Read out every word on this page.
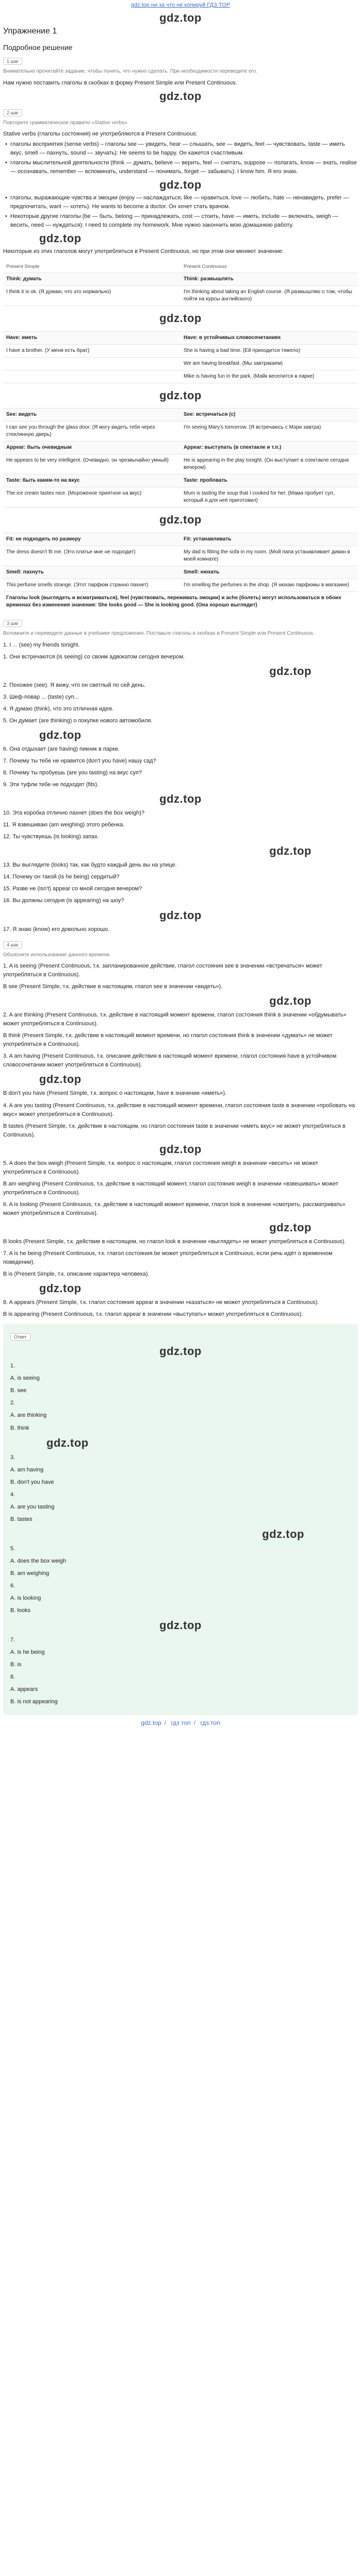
gdz.top ни за что не копируй ГДЗ.TOP
gdz.top
Упражнение 1
Подробное решение
1 шаг
Внимательно прочитайте задание, чтобы понять, что нужно сделать. При необходимости переведите его.

Нам нужно поставить глаголы в скобках в форму Present Simple или Present Continuous.

gdz.top
2 шаг
Повторите грамматическое правило «Stative verbs»

Stative verbs (глаголы состояния) не употребляются в Present Continuous:

• глаголы восприятия (sense verbs) – глаголы see — увидеть, hear — слышать, see — видеть, feel — чувствовать, taste — иметь вкус, smell — пахнуть, sound — звучать): He seems to be happy. Он кажется счастливым.

• глаголы мыслительной деятельности (think — думать, believe — верить, feel — считать, suppose — полагать, know — знать, realise — осознавать, remember — вспоминать, understand — понимать, forget — забывать): I know him. Я его знаю.

gdz.top

• глаголы, выражающие чувства и эмоции (enjoy — наслаждаться, like — нравиться, love — любить, hate — ненавидеть, prefer — предпочитать, want — хотеть): He wants to become a doctor. Он хочет стать врачом.

• Некоторые другие глаголы (be — быть, belong — принадлежать, cost — стоить, have — иметь, include — включать, weigh — весить, need — нуждаться): I need to complete my homework. Мне нужно закончить мою домашнюю работу.

gdz.top

Некоторые из этих глаголов могут употребляться в Present Continuous, но при этом они меняют значение:

Present Simple	Present Continuous
Think: думать	Think: размышлять
I think it is ok. (Я думаю, что это нормально)	I'm thinking about taking an English course. (Я размышляю о том, чтобы пойти на курсы английского)

gdz.top	

Have: иметь	Have: в устойчивых словосочетаниях
I have a brother. (У меня есть брат)	She is having a bad time. (Ей приходится тяжело)
	We are having breakfast. (Мы завтракаем)
	Mike is having fun in the park. (Майк веселится в парке)

gdz.top	

See: видеть	See: встречаться (с)
I can see you through the glass door. (Я могу видеть тебя через стеклянную дверь)	I'm seeing Mary's tomorrow. (Я встречаюсь с Мэри завтра)
Appear: быть очевидным	Appear: выступать (в спектакле и т.п.)
He appears to be very intelligent. (Очевидно, он чрезвычайно умный)	He is appearing in the play tonight. (Он выступает в спектакле сегодня вечером)
Taste: быть каким-то на вкус	Taste: пробовать
The ice cream tastes nice. (Мороженое приятное на вкус)	Mum is tasting the soup that I cooked for her. (Мама пробует суп, который я для неё приготовил)

gdz.top	

Fit: не подходить по размеру	Fit: устанавливать
The dress doesn't fit me. (Это платье мне не подходит)	My dad is fitting the sofa in my room. (Мой папа устанавливает диван в моей комнате)
Smell: пахнуть	Smell: нюхать
This perfume smells strange. (Этот парфюм странно пахнет)	I'm smelling the perfumes in the shop. (Я нюхаю парфюмы в магазине)
Глаголы look (выглядеть и всматриваться), feel (чувствовать, переживать эмоции) и ache (болеть) могут использоваться в обоих временах без изменения значения: She looks good — She is looking good. (Она хорошо выглядит)	
3 шаг
Вспомните и переведите данные в учебнике предложения. Поставьте глаголы в скобках в Present Simple или Present Continuous.

1. I ... (see) my friends tonight.

1. Они встречаются (is seeing) со своим адвокатом сегодня вечером.

gdz.top

2. Похожее (see). Я вижу, что он светлый по сей день.

3. Шеф-повар ... (taste) суп...

4. Я думаю (think), что это отличная идея.

5. Он думает (are thinking) о покупке нового автомобиля.

gdz.top

6. Она отдыхает (are having) пикник в парке.

7. Почему ты тебе не нравится (don't you have) нашу сад?

8. Почему ты пробуешь (are you tasting) на вкус суп?

9. Эти туфли тебе не подходят (fits).

gdz.top

10. Эта коробка отлично пахнет (does the box weigh)?

11. Я взвешиваю (am weighing) этого ребенка.

12. Ты чувствуешь (is looking) запах.

gdz.top

13. Вы выглядите (looks) так, как будто каждый день вы на улице.

14. Почему он такой (is he being) сердитый?

15. Разве не (isn't) appear со мной сегодня вечером?

16. Вы должны сегодня (is appearing) на шоу?

gdz.top

17. Я знаю (know) его довольно хорошо.

4 шаг
Объясните использование данного времени.

1. A is seeing (Present Continuous, т.к. запланированное действие, глагол состояния see в значении «встречаться» может употребляться в Continuous).

B see (Present Simple, т.к. действие в настоящем, глагол see в значении «видеть»).

gdz.top

2. A are thinking (Present Continuous, т.к. действие в настоящий момент времени, глагол состояния think в значении «обдумывать» может употребляться в Continuous).

B think (Present Simple, т.к. действие в настоящий момент времени, но глагол состояния think в значении «думать» не может употребляться в Continuous).

3. A am having (Present Continuous, т.к. описание действия в настоящий момент времени, глагол состояния have в устойчивом словосочетании может употребляться в Continuous).

gdz.top

B don't you have (Present Simple, т.к. вопрос о настоящем, have в значении «иметь»).

4. A are you tasting (Present Continuous, т.к. действие в настоящий момент времени, глагол состояния taste в значении «пробовать на вкус» может употребляться в Continuous).

B tastes (Present Simple, т.к. действие в настоящем, но глагол состояния taste в значении «иметь вкус» не может употребляться в Continuous).

gdz.top

5. A does the box weigh (Present Simple, т.к. вопрос о настоящем, глагол состояния weigh в значении «весить» не может употребляться в Continuous).

B am weighing (Present Continuous, т.к. действие в настоящий момент, глагол состояния weigh в значении «взвешивать» может употребляться в Continuous).

6. A is looking (Present Continuous, т.к. действие в настоящий момент времени, глагол look в значении «смотреть, рассматривать» может употребляться в Continuous).

gdz.top

B looks (Present Simple, т.к. действие в настоящем, но глагол look в значении «выглядеть» не может употребляться в Continuous).

7. A is he being (Present Continuous, т.к. глагол состояния be может употребляться в Continuous, если речь идёт о временном поведении).

B is (Present Simple, т.к. описание характера человека).

gdz.top

8. A appears (Present Simple, т.к. глагол состояния appear в значении «казаться» не может употребляться в Continuous).

B is appearing (Present Continuous, т.к. глагол appear в значении «выступать» может употребляться в Continuous).

Ответ
gdz.top

1.

A. is seeing

B. see

2.

A. are thinking

B. think

gdz.top

3.

A. am having

B. don't you have

4.

A. are you tasting

B. tastes

gdz.top

5.

A. does the box weigh

B. am weighing

6.

A. is looking

B. looks

gdz.top

7.

A. is he being

B. is

8.

A. appears

B. is not appearing

gdz.top / гдз топ / гдз.топ
